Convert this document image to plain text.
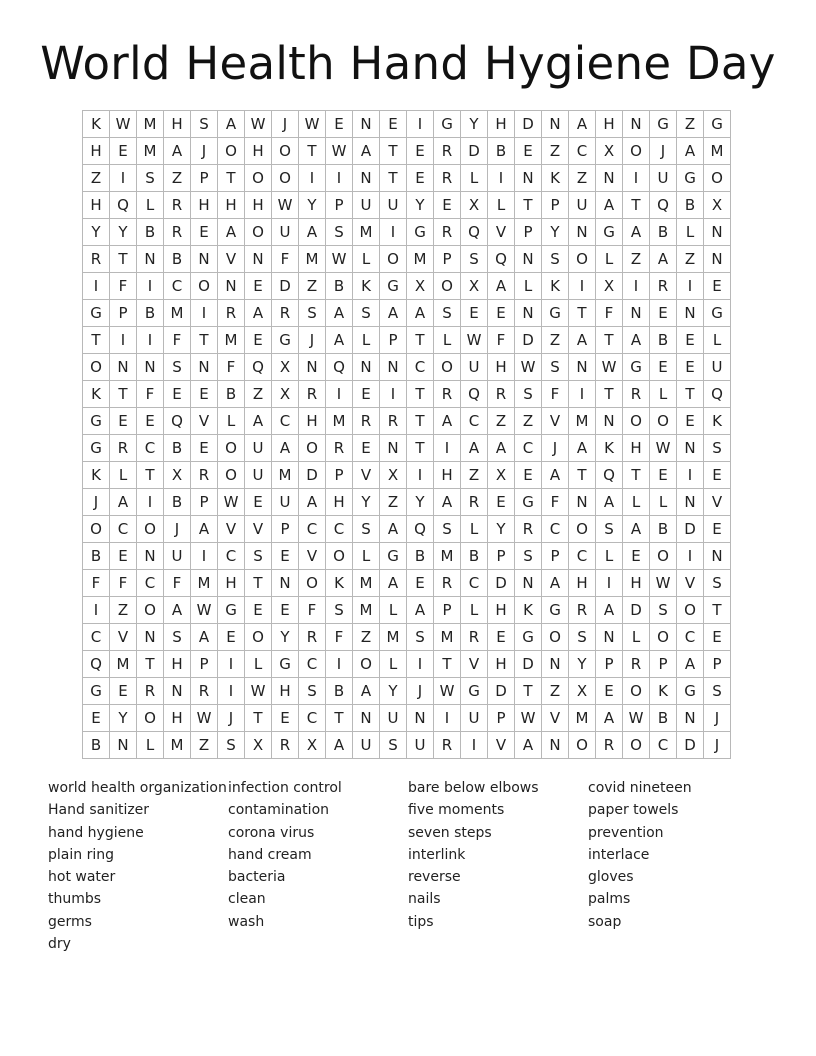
World Health Hand Hygiene Day
K	W	M	H	S	A	W	J	W	E	N	E	I	G	Y	H	D	N	A	H	N	G	Z	G
H	E	M	A	J	O	H	O	T	W	A	T	E	R	D	B	E	Z	C	X	O	J	A	M
Z	I	S	Z	P	T	O	O	I	I	N	T	E	R	L	I	N	K	Z	N	I	U	G	O
H	Q	L	R	H	H	H	W	Y	P	U	U	Y	E	X	L	T	P	U	A	T	Q	B	X
Y	Y	B	R	E	A	O	U	A	S	M	I	G	R	Q	V	P	Y	N	G	A	B	L	N
R	T	N	B	N	V	N	F	M	W	L	O	M	P	S	Q	N	S	O	L	Z	A	Z	N
I	F	I	C	O	N	E	D	Z	B	K	G	X	O	X	A	L	K	I	X	I	R	I	E
G	P	B	M	I	R	A	R	S	A	S	A	A	S	E	E	N	G	T	F	N	E	N	G
T	I	I	F	T	M	E	G	J	A	L	P	T	L	W	F	D	Z	A	T	A	B	E	L
O	N	N	S	N	F	Q	X	N	Q	N	N	C	O	U	H	W	S	N	W	G	E	E	U
K	T	F	E	E	B	Z	X	R	I	E	I	T	R	Q	R	S	F	I	T	R	L	T	Q
G	E	E	Q	V	L	A	C	H	M	R	R	T	A	C	Z	Z	V	M	N	O	O	E	K
G	R	C	B	E	O	U	A	O	R	E	N	T	I	A	A	C	J	A	K	H	W	N	S
K	L	T	X	R	O	U	M	D	P	V	X	I	H	Z	X	E	A	T	Q	T	E	I	E
J	A	I	B	P	W	E	U	A	H	Y	Z	Y	A	R	E	G	F	N	A	L	L	N	V
O	C	O	J	A	V	V	P	C	C	S	A	Q	S	L	Y	R	C	O	S	A	B	D	E
B	E	N	U	I	C	S	E	V	O	L	G	B	M	B	P	S	P	C	L	E	O	I	N
F	F	C	F	M	H	T	N	O	K	M	A	E	R	C	D	N	A	H	I	H	W	V	S
I	Z	O	A	W	G	E	E	F	S	M	L	A	P	L	H	K	G	R	A	D	S	O	T
C	V	N	S	A	E	O	Y	R	F	Z	M	S	M	R	E	G	O	S	N	L	O	C	E
Q	M	T	H	P	I	L	G	C	I	O	L	I	T	V	H	D	N	Y	P	R	P	A	P
G	E	R	N	R	I	W	H	S	B	A	Y	J	W	G	D	T	Z	X	E	O	K	G	S
E	Y	O	H	W	J	T	E	C	T	N	U	N	I	U	P	W	V	M	A	W	B	N	J
B	N	L	M	Z	S	X	R	X	A	U	S	U	R	I	V	A	N	O	R	O	C	D	J
world health organization
Hand sanitizer
hand hygiene
plain ring
hot water
thumbs
germs
dry
infection control
contamination
corona virus
hand cream
bacteria
clean
wash
bare below elbows
five moments
seven steps
interlink
reverse
nails
tips
covid nineteen
paper towels
prevention
interlace
gloves
palms
soap
